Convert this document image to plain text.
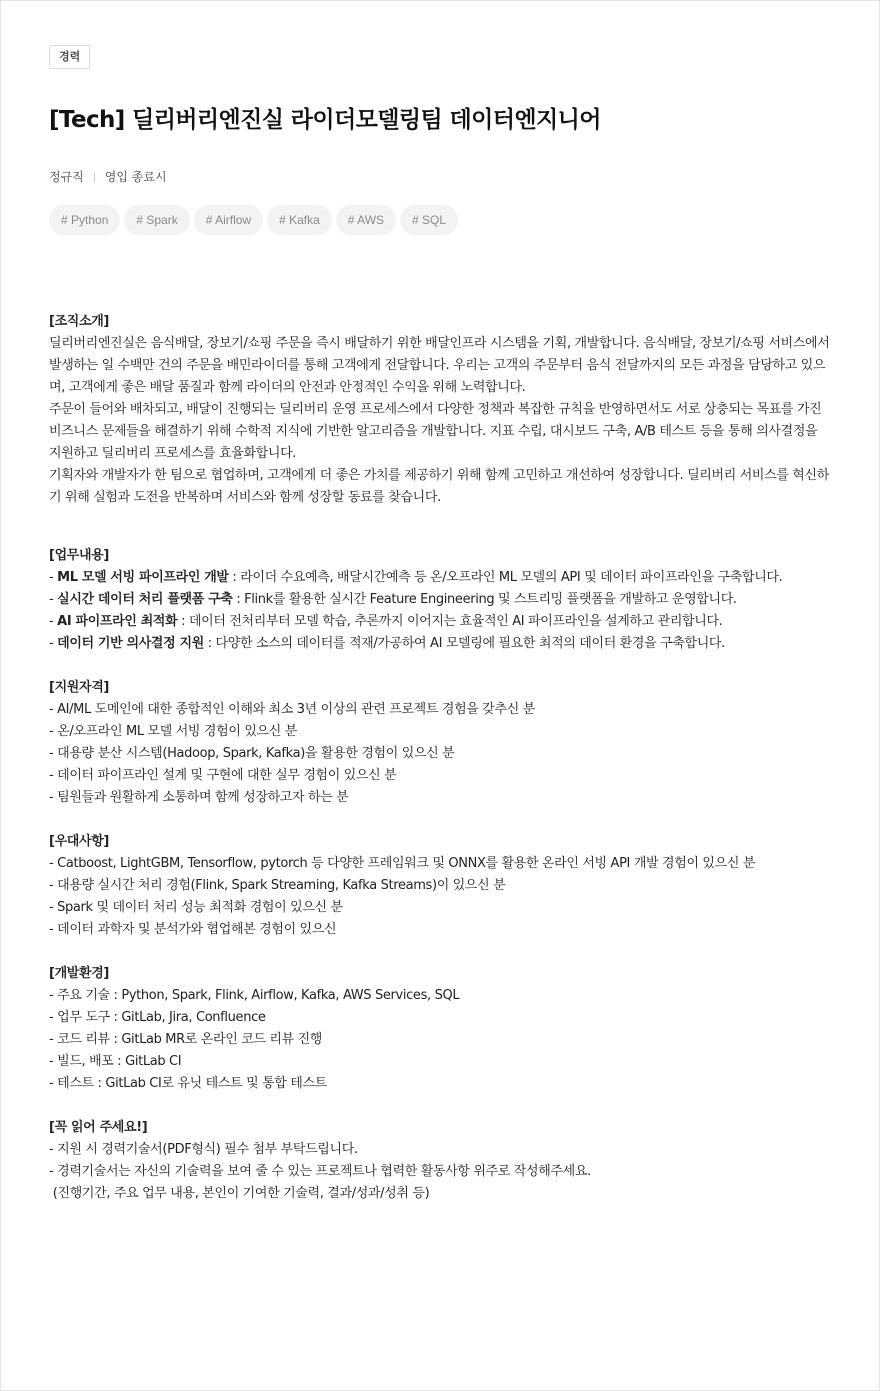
경력
[Tech] 딜리버리엔진실 라이더모델링팀 데이터엔지니어
정규직 영입 종료시
# Python	# Spark	# Airflow	# Kafka	# AWS	# SQL
[조직소개]

딜리버리엔진실은 음식배달, 장보기/쇼핑 주문을 즉시 배달하기 위한 배달인프라 시스템을 기획, 개발합니다. 음식배달, 장보기/쇼핑 서비스에서 발생하는 일 수백만 건의 주문을 배민라이더를 통해 고객에게 전달합니다. 우리는 고객의 주문부터 음식 전달까지의 모든 과정을 담당하고 있으며, 고객에게 좋은 배달 품질과 함께 라이더의 안전과 안정적인 수익을 위해 노력합니다.

주문이 들어와 배차되고, 배달이 진행되는 딜리버리 운영 프로세스에서 다양한 정책과 복잡한 규칙을 반영하면서도 서로 상충되는 목표를 가진 비즈니스 문제들을 해결하기 위해 수학적 지식에 기반한 알고리즘을 개발합니다. 지표 수립, 대시보드 구축, A/B 테스트 등을 통해 의사결정을 지원하고 딜리버리 프로세스를 효율화합니다.

기획자와 개발자가 한 팀으로 협업하며, 고객에게 더 좋은 가치를 제공하기 위해 함께 고민하고 개선하여 성장합니다. 딜리버리 서비스를 혁신하기 위해 실험과 도전을 반복하며 서비스와 함께 성장할 동료를 찾습니다.

[업무내용]

- ML 모델 서빙 파이프라인 개발 : 라이더 수요예측, 배달시간예측 등 온/오프라인 ML 모델의 API 및 데이터 파이프라인을 구축합니다.

- 실시간 데이터 처리 플랫폼 구축 : Flink를 활용한 실시간 Feature Engineering 및 스트리밍 플랫폼을 개발하고 운영합니다.

- AI 파이프라인 최적화 : 데이터 전처리부터 모델 학습, 추론까지 이어지는 효율적인 AI 파이프라인을 설계하고 관리합니다.

- 데이터 기반 의사결정 지원 : 다양한 소스의 데이터를 적재/가공하여 AI 모델링에 필요한 최적의 데이터 환경을 구축합니다.

[지원자격]

- AI/ML 도메인에 대한 종합적인 이해와 최소 3년 이상의 관련 프로젝트 경험을 갖추신 분

- 온/오프라인 ML 모델 서빙 경험이 있으신 분

- 대용량 분산 시스템(Hadoop, Spark, Kafka)을 활용한 경험이 있으신 분

- 데이터 파이프라인 설계 및 구현에 대한 실무 경험이 있으신 분

- 팀원들과 원활하게 소통하며 함께 성장하고자 하는 분

[우대사항]

- Catboost, LightGBM, Tensorflow, pytorch 등 다양한 프레임워크 및 ONNX를 활용한 온라인 서빙 API 개발 경험이 있으신 분

- 대용량 실시간 처리 경험(Flink, Spark Streaming, Kafka Streams)이 있으신 분

- Spark 및 데이터 처리 성능 최적화 경험이 있으신 분

- 데이터 과학자 및 분석가와 협업해본 경험이 있으신

[개발환경]

- 주요 기술 : Python, Spark, Flink, Airflow, Kafka, AWS Services, SQL

- 업무 도구 : GitLab, Jira, Confluence

- 코드 리뷰 : GitLab MR로 온라인 코드 리뷰 진행

- 빌드, 배포 : GitLab CI

- 테스트 : GitLab CI로 유닛 테스트 및 통합 테스트

[꼭 읽어 주세요!]

- 지원 시 경력기술서(PDF형식) 필수 첨부 부탁드립니다.

- 경력기술서는 자신의 기술력을 보여 줄 수 있는 프로젝트나 협력한 활동사항 위주로 작성해주세요.

(진행기간, 주요 업무 내용, 본인이 기여한 기술력, 결과/성과/성취 등)
